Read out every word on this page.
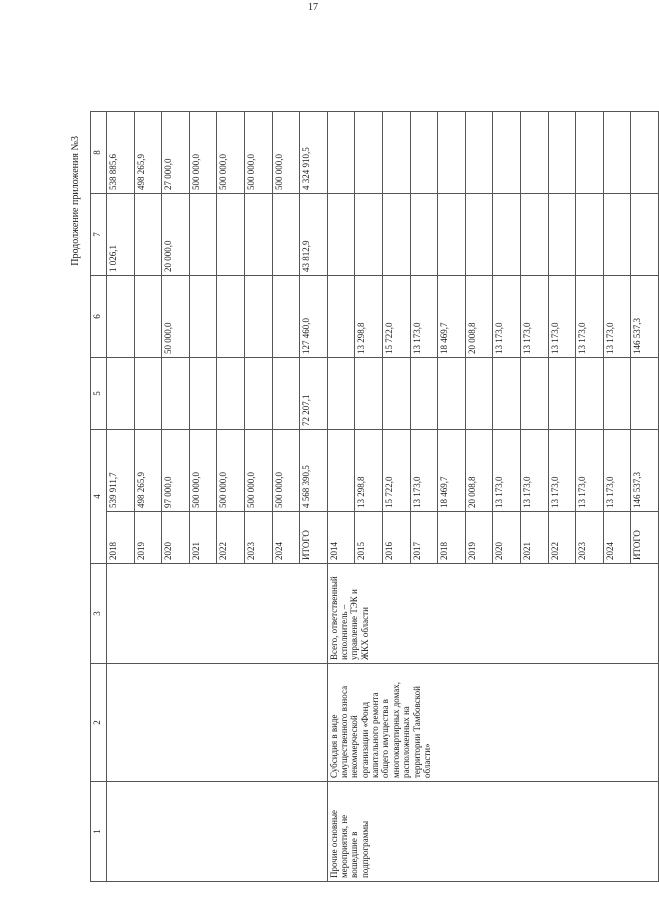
17
Продолжение приложения №3
1	2	3	4		5	6	7	8
			2018	539 911,7			1 026,1	538 885,6
			2019	498 265,9				498 265,9
			2020	97 000,0		50 000,0	20 000,0	27 000,0
			2021	500 000,0				500 000,0
			2022	500 000,0				500 000,0
			2023	500 000,0				500 000,0
			2024	500 000,0				500 000,0
			ИТОГО	4 568 390,5	72 207,1	127 460,0	43 812,9	4 324 910,5
Прочие основные мероприятия, не вошедшие в подпрограммы	Субсидия в виде имущественного взноса некоммерческой организации «Фонд капитального ремонта общего имущества в многоквартирных домах, расположенных на территории Тамбовской области»	Всего, ответственный исполнитель – управление ТЭК и ЖКХ области	2014					
			2015	13 298,8		13 298,8		
			2016	15 722,0		15 722,0		
			2017	13 173,0		13 173,0		
			2018	18 469,7		18 469,7		
			2019	20 008,8		20 008,8		
			2020	13 173,0		13 173,0		
			2021	13 173,0		13 173,0		
			2022	13 173,0		13 173,0		
			2023	13 173,0		13 173,0		
			2024	13 173,0		13 173,0		
			ИТОГО	146 537,3		146 537,3		
